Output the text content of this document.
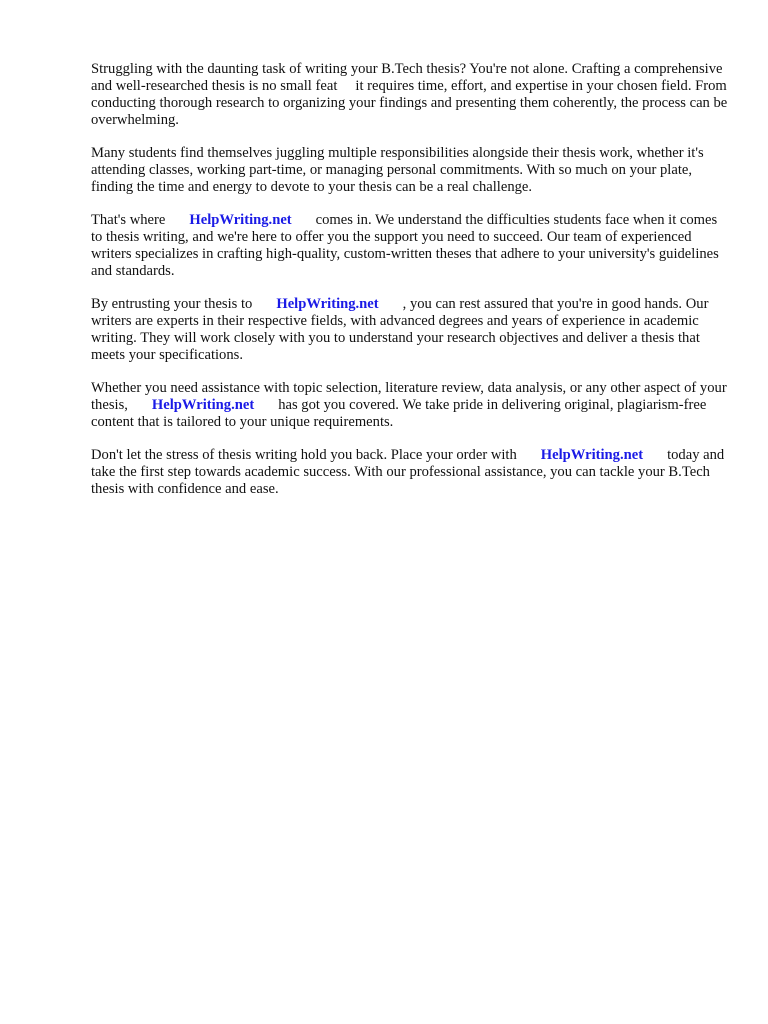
Struggling with the daunting task of writing your B.Tech thesis? You're not alone. Crafting a comprehensive and well-researched thesis is no small feat it requires time, effort, and expertise in your chosen field. From conducting thorough research to organizing your findings and presenting them coherently, the process can be overwhelming.

Many students find themselves juggling multiple responsibilities alongside their thesis work, whether it's attending classes, working part-time, or managing personal commitments. With so much on your plate, finding the time and energy to devote to your thesis can be a real challenge.

That's where HelpWriting.net comes in. We understand the difficulties students face when it comes to thesis writing, and we're here to offer you the support you need to succeed. Our team of experienced writers specializes in crafting high-quality, custom-written theses that adhere to your university's guidelines and standards.

By entrusting your thesis to HelpWriting.net , you can rest assured that you're in good hands. Our writers are experts in their respective fields, with advanced degrees and years of experience in academic writing. They will work closely with you to understand your research objectives and deliver a thesis that meets your specifications.

Whether you need assistance with topic selection, literature review, data analysis, or any other aspect of your thesis, HelpWriting.net has got you covered. We take pride in delivering original, plagiarism-free content that is tailored to your unique requirements.

Don't let the stress of thesis writing hold you back. Place your order with HelpWriting.net today and take the first step towards academic success. With our professional assistance, you can tackle your B.Tech thesis with confidence and ease.
